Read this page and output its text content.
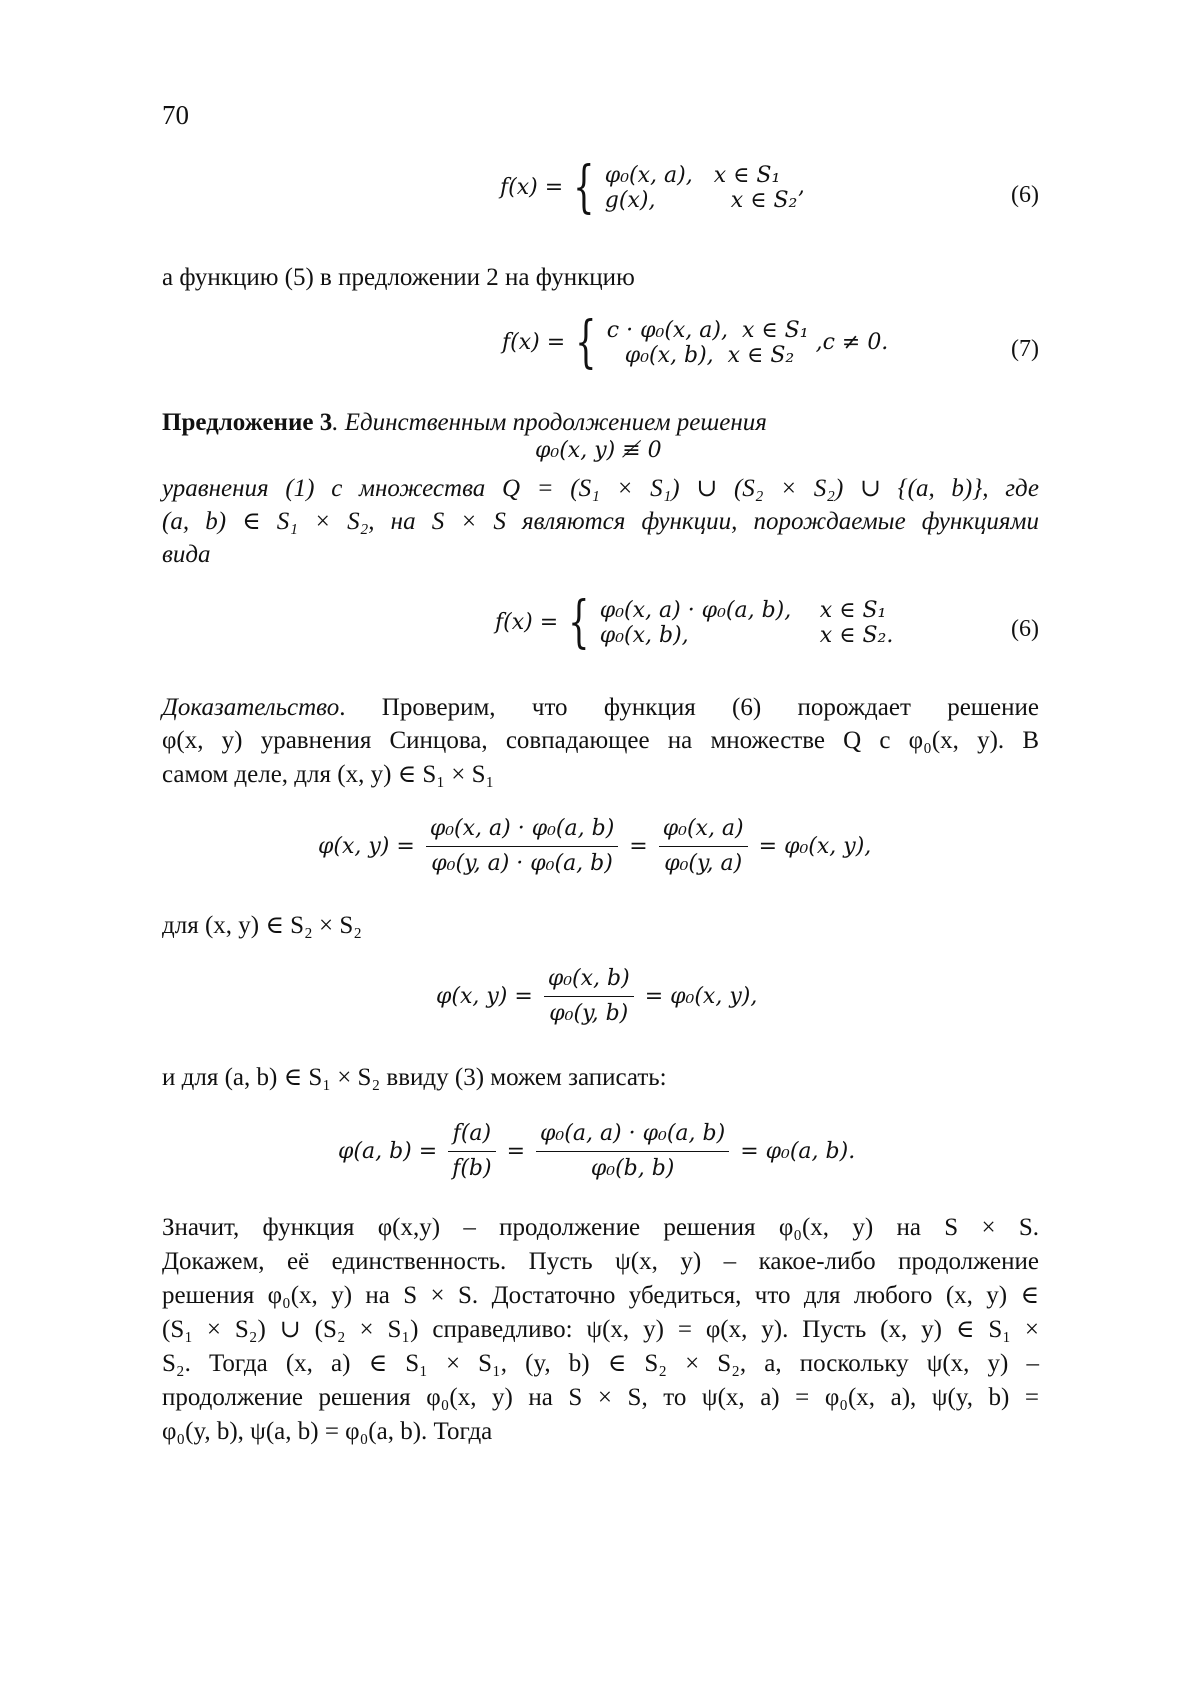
70
f(x) = { φ₀(x, a), x ∈ S₁
g(x),	x ∈ S₂’	(6)
а функцию (5) в предложении 2 на функцию
f(x) = { c · φ₀(x, a), x ∈ S₁
φ₀(x, b), x ∈ S₂
,c ≠ 0.	(7)
Предложение 3. Единственным продолжением решения
φ₀(x, y) ≢ 0
уравнения (1) с множества Q = (S₁ × S₁) ∪ (S₂ × S₂) ∪ {(a, b)}, где
(a, b) ∈ S₁ × S₂, на S × S являются функции, порождаемые функциями
вида
f(x) = { φ₀(x, a) · φ₀(a, b), x ∈ S₁
φ₀(x, b),	x ∈ S₂.	(6)
Доказательство. Проверим, что функция (6) порождает решение
φ(x, y) уравнения Синцова, совпадающее на множестве Q с φ₀(x, y). В
самом деле, для (x, y) ∈ S₁ × S₁
φ(x, y) =
φ₀(x, a) · φ₀(a, b)
φ₀(y, a) · φ₀(a, b)
=
φ₀(x, a)
φ₀(y, a)
= φ₀(x, y),
для (x, y) ∈ S₂ × S₂
φ(x, y) =
φ₀(x, b)
φ₀(y, b)
= φ₀(x, y),
и для (a, b) ∈ S₁ × S₂ ввиду (3) можем записать:
φ(a, b) =
f(a)
f(b)
=
φ₀(a, a) · φ₀(a, b)
φ₀(b, b)
= φ₀(a, b).
Значит, функция φ(x,y) – продолжение решения φ₀(x, y) на S × S.
Докажем, её единственность. Пусть ψ(x, y) – какое-либо продолжение
решения φ₀(x, y) на S × S. Достаточно убедиться, что для любого (x, y) ∈
(S₁ × S₂) ∪ (S₂ × S₁) справедливо: ψ(x, y) = φ(x, y). Пусть (x, y) ∈ S₁ ×
S₂. Тогда (x, a) ∈ S₁ × S₁, (y, b) ∈ S₂ × S₂, а, поскольку ψ(x, y) –
продолжение решения φ₀(x, y) на S × S, то ψ(x, a) = φ₀(x, a), ψ(y, b) =
φ₀(y, b), ψ(a, b) = φ₀(a, b). Тогда
